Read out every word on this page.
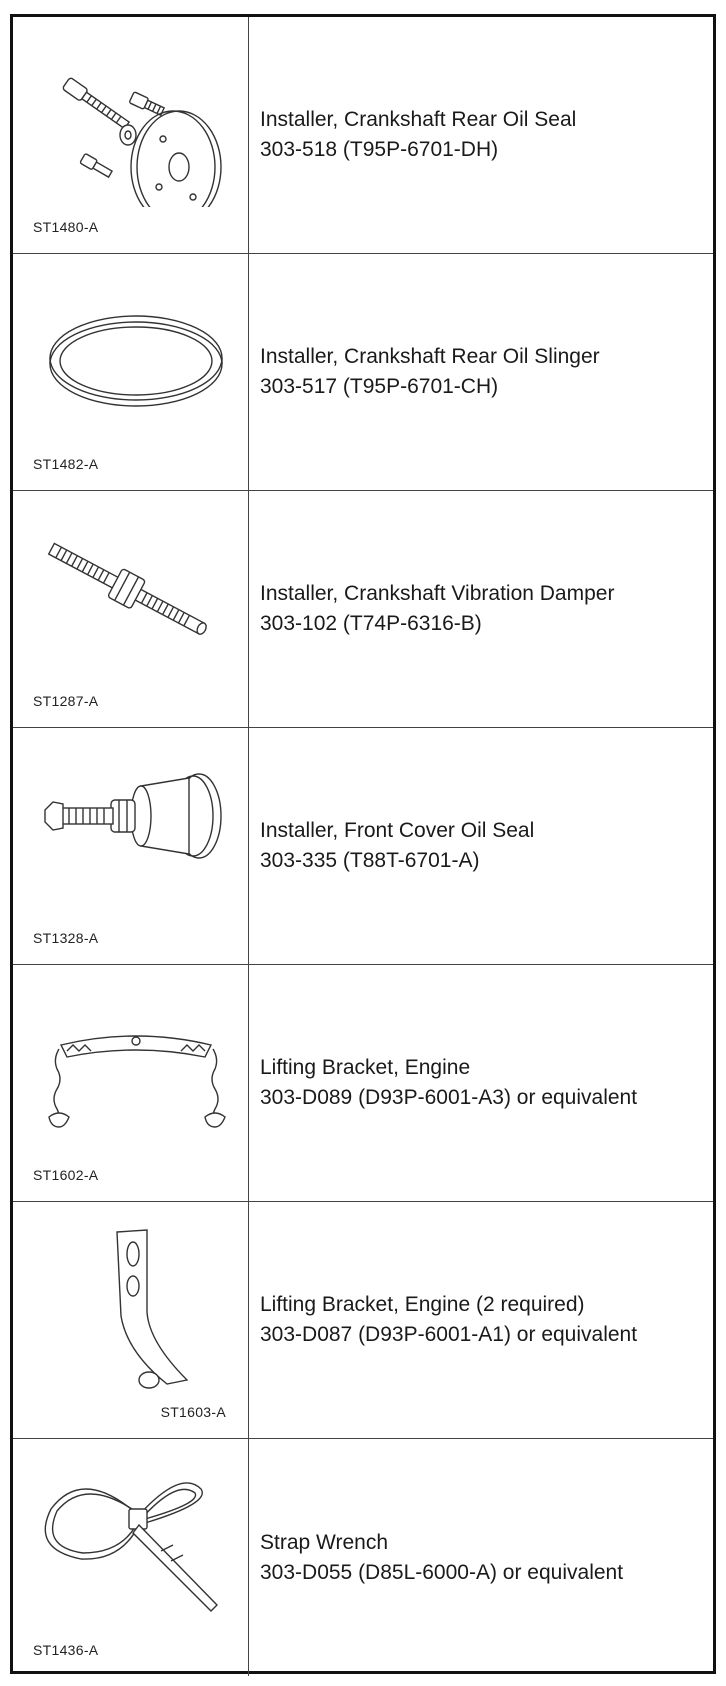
ST1480-A
Installer, Crankshaft Rear Oil Seal
303-518 (T95P-6701-DH)
ST1482-A
Installer, Crankshaft Rear Oil Slinger
303-517 (T95P-6701-CH)
ST1287-A
Installer, Crankshaft Vibration Damper
303-102 (T74P-6316-B)
ST1328-A
Installer, Front Cover Oil Seal
303-335 (T88T-6701-A)
ST1602-A
Lifting Bracket, Engine
303-D089 (D93P-6001-A3) or equivalent
ST1603-A
Lifting Bracket, Engine (2 required)
303-D087 (D93P-6001-A1) or equivalent
ST1436-A
Strap Wrench
303-D055 (D85L-6000-A) or equivalent
